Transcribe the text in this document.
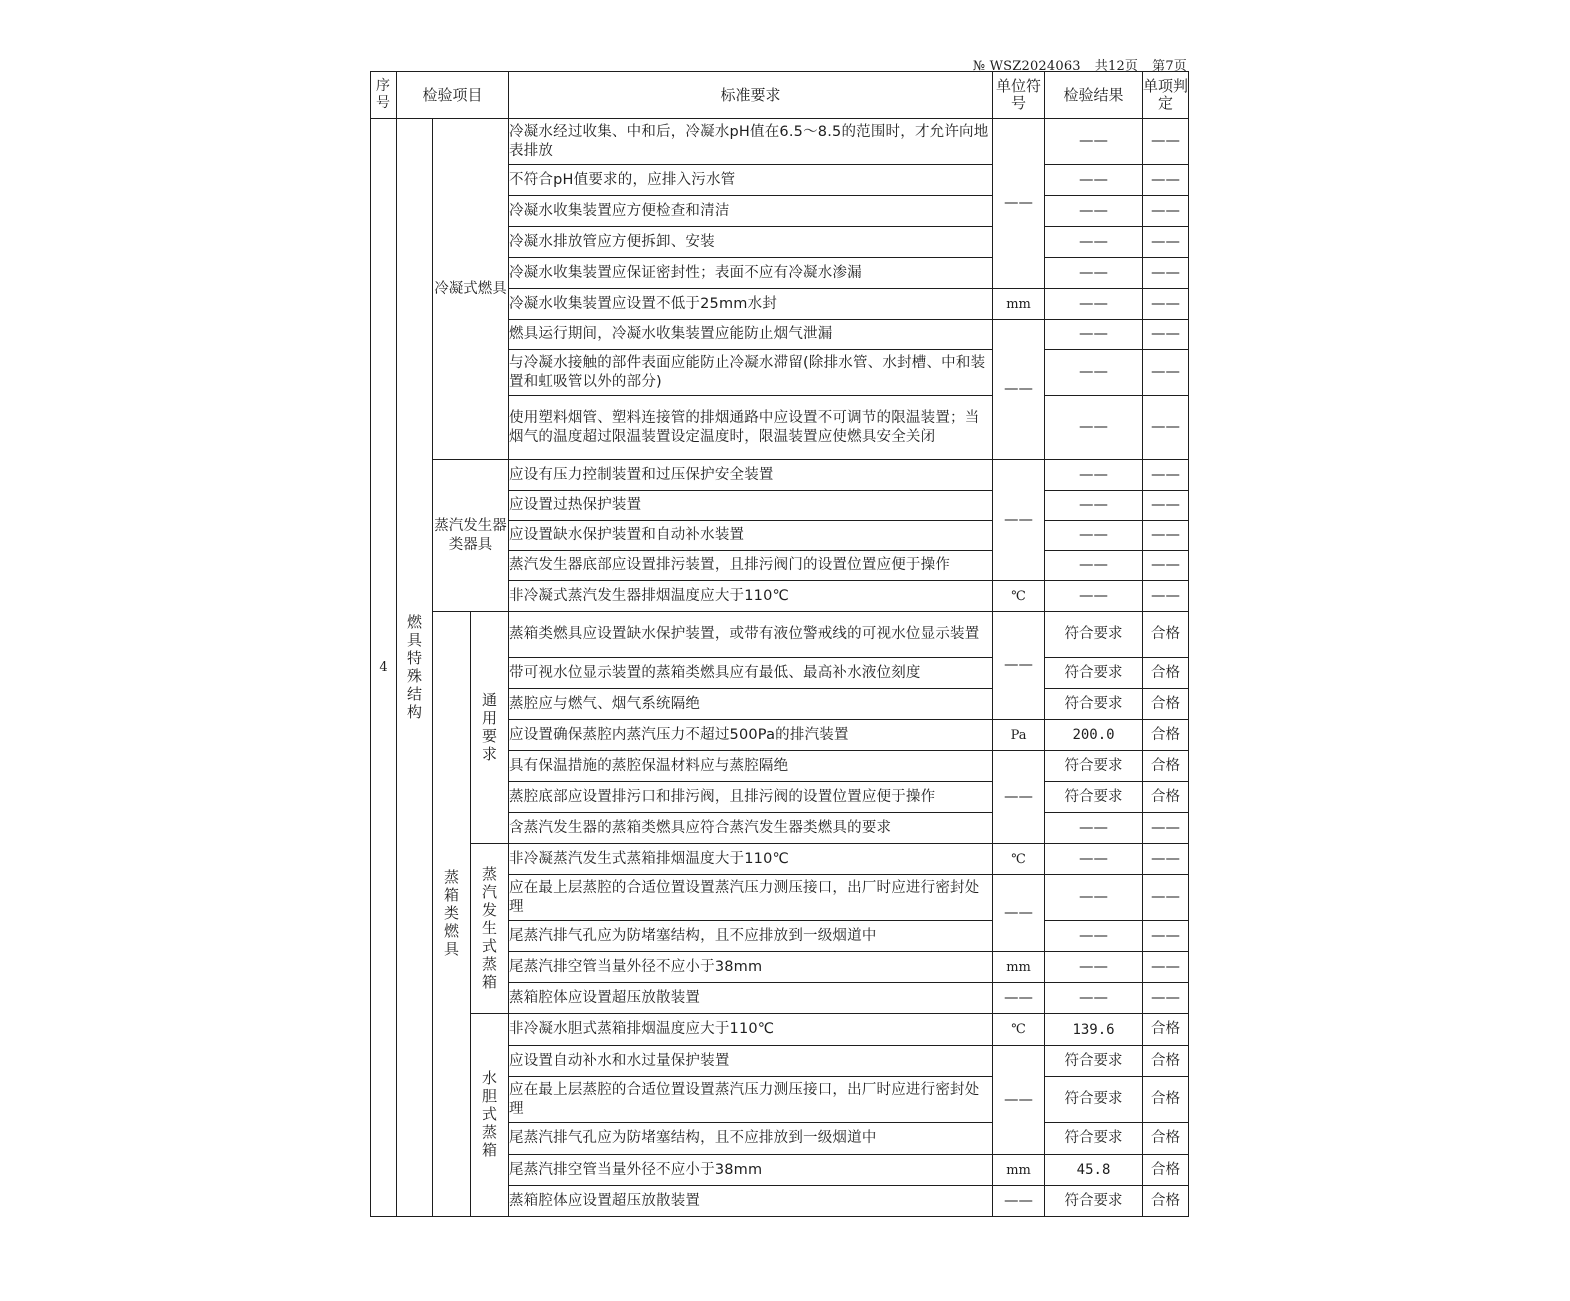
№ WSZ2024063 共12页 第7页
序号	检验项目			标准要求	单位符号	检验结果	单项判定
4	燃具特殊结构	冷凝式燃具		冷凝水经过收集、中和后，冷凝水pH值在6.5～8.5的范围时，才允许向地表排放	——	——	——
				不符合pH值要求的，应排入污水管		——	——
				冷凝水收集装置应方便检查和清洁		——	——
				冷凝水排放管应方便拆卸、安装		——	——
				冷凝水收集装置应保证密封性；表面不应有冷凝水渗漏		——	——
				冷凝水收集装置应设置不低于25mm水封	mm	——	——
				燃具运行期间，冷凝水收集装置应能防止烟气泄漏	——	——	——
				与冷凝水接触的部件表面应能防止冷凝水滞留(除排水管、水封槽、中和装置和虹吸管以外的部分)		——	——
				使用塑料烟管、塑料连接管的排烟通路中应设置不可调节的限温装置；当烟气的温度超过限温装置设定温度时，限温装置应使燃具安全关闭		——	——
		蒸汽发生器类器具		应设有压力控制装置和过压保护安全装置	——	——	——
				应设置过热保护装置		——	——
				应设置缺水保护装置和自动补水装置		——	——
				蒸汽发生器底部应设置排污装置，且排污阀门的设置位置应便于操作		——	——
				非冷凝式蒸汽发生器排烟温度应大于110℃	℃	——	——
		蒸箱类燃具	通用要求	蒸箱类燃具应设置缺水保护装置，或带有液位警戒线的可视水位显示装置	——	符合要求	合格
				带可视水位显示装置的蒸箱类燃具应有最低、最高补水液位刻度		符合要求	合格
				蒸腔应与燃气、烟气系统隔绝		符合要求	合格
				应设置确保蒸腔内蒸汽压力不超过500Pa的排汽装置	Pa	200.0	合格
				具有保温措施的蒸腔保温材料应与蒸腔隔绝	——	符合要求	合格
				蒸腔底部应设置排污口和排污阀，且排污阀的设置位置应便于操作		符合要求	合格
				含蒸汽发生器的蒸箱类燃具应符合蒸汽发生器类燃具的要求		——	——
			蒸汽发生式蒸箱	非冷凝蒸汽发生式蒸箱排烟温度大于110℃	℃	——	——
				应在最上层蒸腔的合适位置设置蒸汽压力测压接口，出厂时应进行密封处理	——	——	——
				尾蒸汽排气孔应为防堵塞结构，且不应排放到一级烟道中		——	——
				尾蒸汽排空管当量外径不应小于38mm	mm	——	——
				蒸箱腔体应设置超压放散装置	——	——	——
			水胆式蒸箱	非冷凝水胆式蒸箱排烟温度应大于110℃	℃	139.6	合格
				应设置自动补水和水过量保护装置	——	符合要求	合格
				应在最上层蒸腔的合适位置设置蒸汽压力测压接口，出厂时应进行密封处理		符合要求	合格
				尾蒸汽排气孔应为防堵塞结构，且不应排放到一级烟道中		符合要求	合格
				尾蒸汽排空管当量外径不应小于38mm	mm	45.8	合格
				蒸箱腔体应设置超压放散装置	——	符合要求	合格
